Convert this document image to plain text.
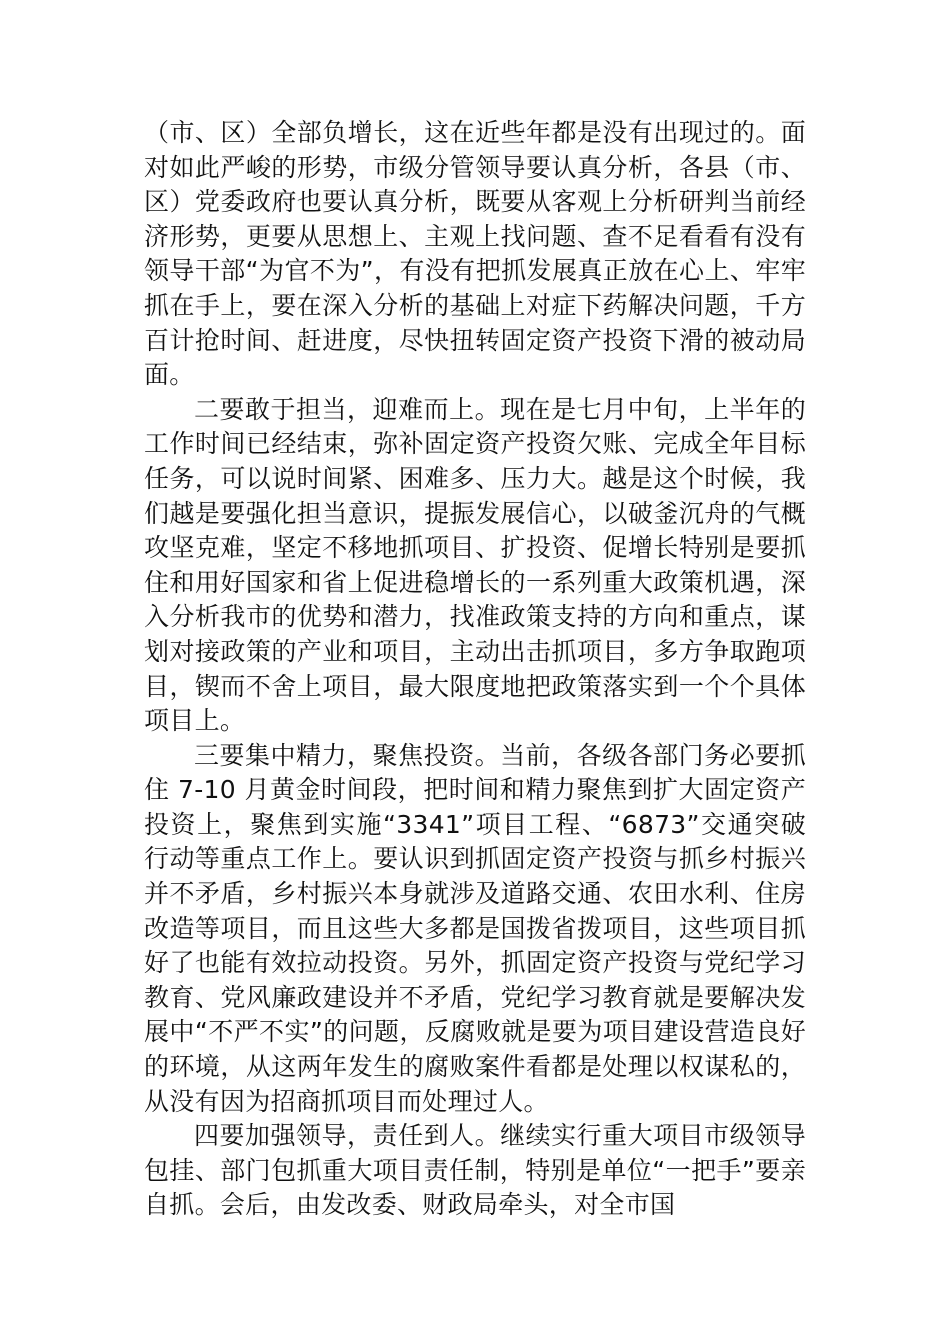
（市、区）全部负增长，这在近些年都是没有出现过的。面对如此严峻的形势，市级分管领导要认真分析，各县（市、区）党委政府也要认真分析，既要从客观上分析研判当前经济形势，更要从思想上、主观上找问题、查不足看看有没有领导干部“为官不为”，有没有把抓发展真正放在心上、牢牢抓在手上，要在深入分析的基础上对症下药解决问题，千方百计抢时间、赶进度，尽快扭转固定资产投资下滑的被动局面。

二要敢于担当，迎难而上。现在是七月中旬，上半年的工作时间已经结束，弥补固定资产投资欠账、完成全年目标任务，可以说时间紧、困难多、压力大。越是这个时候，我们越是要强化担当意识，提振发展信心，以破釜沉舟的气概攻坚克难，坚定不移地抓项目、扩投资、促增长特别是要抓住和用好国家和省上促进稳增长的一系列重大政策机遇，深入分析我市的优势和潜力，找准政策支持的方向和重点，谋划对接政策的产业和项目，主动出击抓项目，多方争取跑项目，锲而不舍上项目，最大限度地把政策落实到一个个具体项目上。

三要集中精力，聚焦投资。当前，各级各部门务必要抓住 7-10 月黄金时间段，把时间和精力聚焦到扩大固定资产投资上，聚焦到实施“3341”项目工程、“6873”交通突破行动等重点工作上。要认识到抓固定资产投资与抓乡村振兴并不矛盾，乡村振兴本身就涉及道路交通、农田水利、住房改造等项目，而且这些大多都是国拨省拨项目，这些项目抓好了也能有效拉动投资。另外，抓固定资产投资与党纪学习教育、党风廉政建设并不矛盾，党纪学习教育就是要解决发展中“不严不实”的问题，反腐败就是要为项目建设营造良好的环境，从这两年发生的腐败案件看都是处理以权谋私的，从没有因为招商抓项目而处理过人。

四要加强领导，责任到人。继续实行重大项目市级领导包挂、部门包抓重大项目责任制，特别是单位“一把手”要亲自抓。会后，由发改委、财政局牵头，对全市国
